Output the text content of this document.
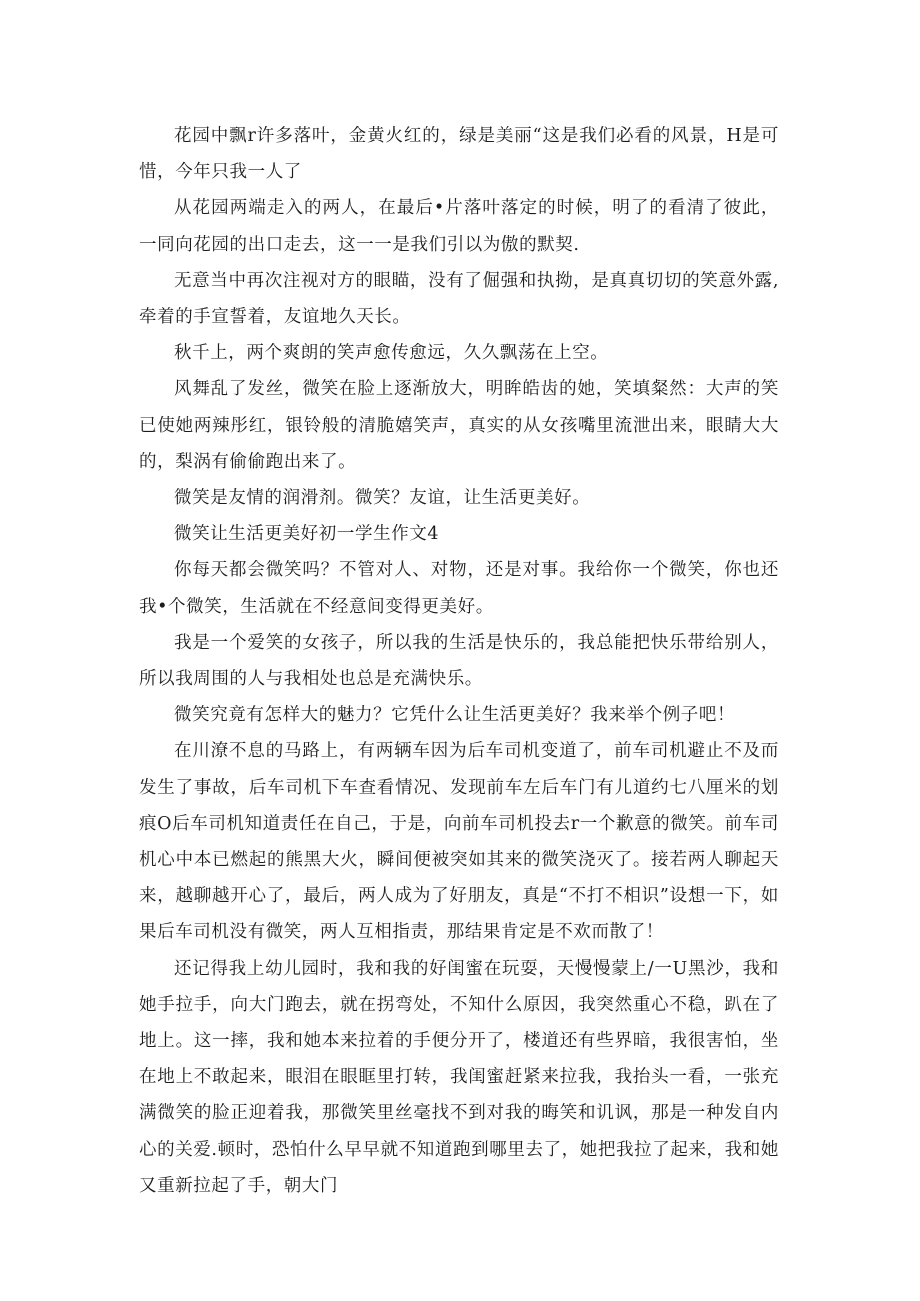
花园中飘r许多落叶，金黄火红的，绿是美丽“这是我们必看的风景，H是可惜，今年只我一人了

从花园两端走入的两人，在最后•片落叶落定的时候，明了的看清了彼此，一同向花园的出口走去，这一一是我们引以为傲的默契.

无意当中再次注视对方的眼瞄，没有了倔强和执拗，是真真切切的笑意外露,牵着的手宣誓着，友谊地久天长。

秋千上，两个爽朗的笑声愈传愈远，久久飘荡在上空。

风舞乱了发丝，微笑在脸上逐渐放大，明眸皓齿的她，笑填粲然：大声的笑已使她两辣彤红，银铃般的清脆嬉笑声，真实的从女孩嘴里流泄出来，眼睛大大的，梨涡有偷偷跑出来了。

微笑是友情的润滑剂。微笑？友谊，让生活更美好。

微笑让生活更美好初一学生作文4

你每天都会微笑吗？不管对人、对物，还是对事。我给你一个微笑，你也还我•个微笑，生活就在不经意间变得更美好。

我是一个爱笑的女孩子，所以我的生活是快乐的，我总能把快乐带给别人，所以我周围的人与我相处也总是充满快乐。

微笑究竟有怎样大的魅力？它凭什么让生活更美好？我来举个例子吧！

在川潦不息的马路上，有两辆车因为后车司机变道了，前车司机避止不及而发生了事故，后车司机下车查看情况、发现前车左后车门有儿道约七八厘米的划痕O后车司机知道责任在自己，于是，向前车司机投去r一个歉意的微笑。前车司机心中本已燃起的熊黑大火，瞬间便被突如其来的微笑浇灭了。接若两人聊起天来，越聊越开心了，最后，两人成为了好朋友，真是“不打不相识”设想一下，如果后车司机没有微笑，两人互相指责，那结果肯定是不欢而散了！

还记得我上幼儿园时，我和我的好闺蜜在玩耍，天慢慢蒙上/一U黑沙，我和她手拉手，向大门跑去，就在拐弯处，不知什么原因，我突然重心不稳，趴在了地上。这一摔，我和她本来拉着的手便分开了，楼道还有些界暗，我很害怕，坐在地上不敢起来，眼泪在眼眶里打转，我闺蜜赶紧来拉我，我抬头一看，一张充满微笑的脸正迎着我，那微笑里丝毫找不到对我的晦笑和讥讽，那是一种发自内心的关爱.顿时，恐怕什么早早就不知道跑到哪里去了，她把我拉了起来，我和她又重新拉起了手，朝大门
